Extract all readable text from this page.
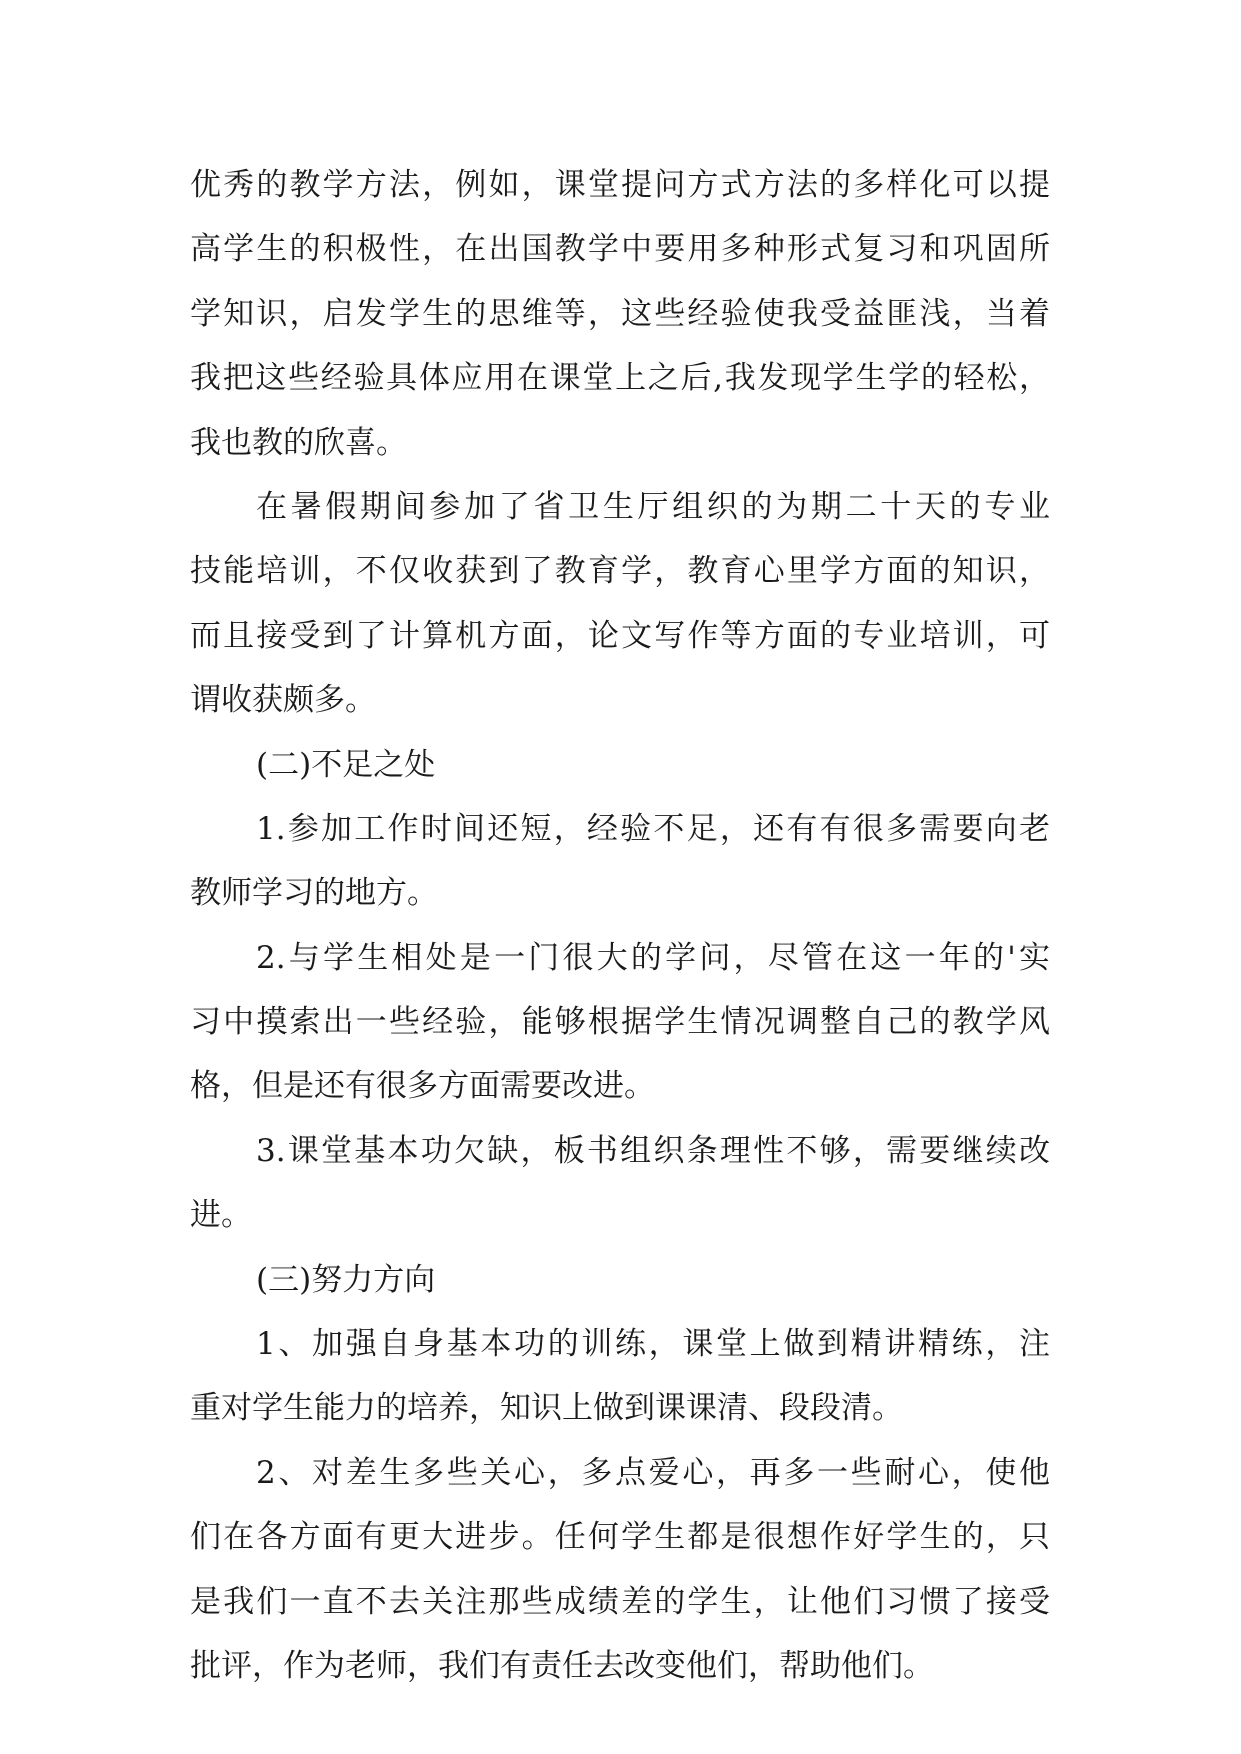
优秀的教学方法，例如，课堂提问方式方法的多样化可以提
高学生的积极性，在出国教学中要用多种形式复习和巩固所
学知识，启发学生的思维等，这些经验使我受益匪浅，当着
我把这些经验具体应用在课堂上之后,我发现学生学的轻松，
我也教的欣喜。
在暑假期间参加了省卫生厅组织的为期二十天的专业
技能培训，不仅收获到了教育学，教育心里学方面的知识，
而且接受到了计算机方面，论文写作等方面的专业培训，可
谓收获颇多。
(二)不足之处
1.参加工作时间还短，经验不足，还有有很多需要向老
教师学习的地方。
2.与学生相处是一门很大的学问，尽管在这一年的'实
习中摸索出一些经验，能够根据学生情况调整自己的教学风
格，但是还有很多方面需要改进。
3.课堂基本功欠缺，板书组织条理性不够，需要继续改
进。
(三)努力方向
1、加强自身基本功的训练，课堂上做到精讲精练，注
重对学生能力的培养，知识上做到课课清、段段清。
2、对差生多些关心，多点爱心，再多一些耐心，使他
们在各方面有更大进步。任何学生都是很想作好学生的，只
是我们一直不去关注那些成绩差的学生，让他们习惯了接受
批评，作为老师，我们有责任去改变他们，帮助他们。
